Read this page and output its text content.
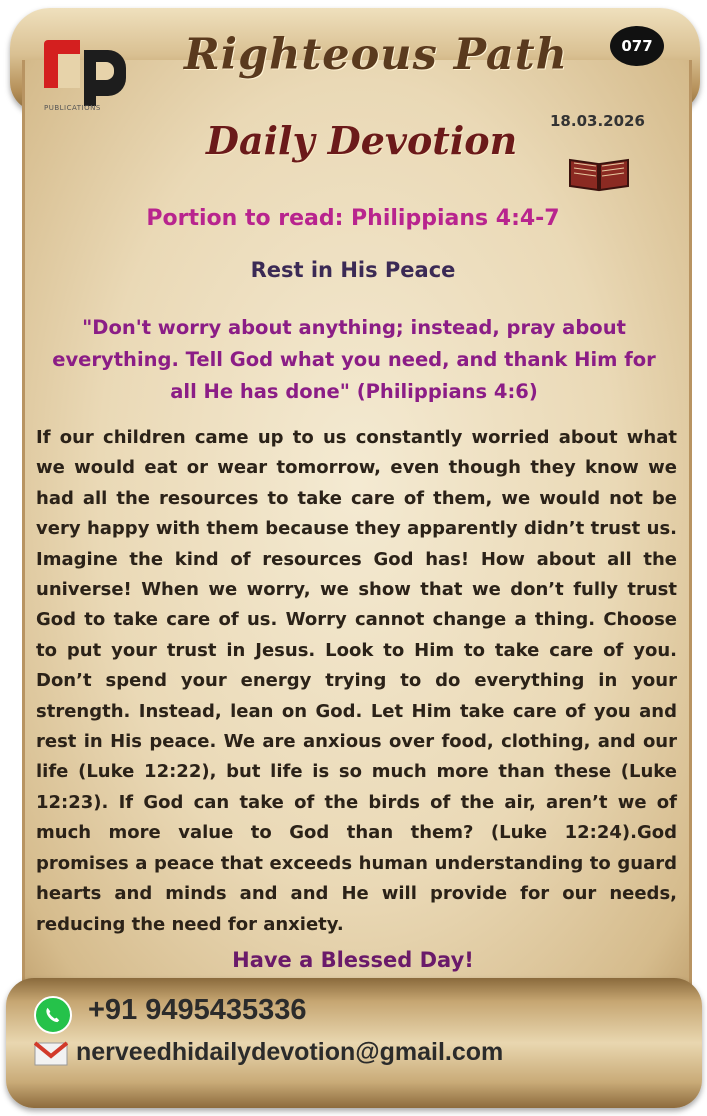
PUBLICATIONS
Righteous Path
Daily Devotion
077
18.03.2026
Portion to read: Philippians 4:4-7
Rest in His Peace
"Don't worry about anything; instead, pray about everything. Tell God what you need, and thank Him for all He has done" (Philippians 4:6)
If our children came up to us constantly worried about what we would eat or wear tomorrow, even though they know we had all the resources to take care of them, we would not be very happy with them because they apparently didn’t trust us. Imagine the kind of resources God has! How about all the universe! When we worry, we show that we don’t fully trust God to take care of us. Worry cannot change a thing. Choose to put your trust in Jesus. Look to Him to take care of you. Don’t spend your energy trying to do everything in your strength. Instead, lean on God. Let Him take care of you and rest in His peace. We are anxious over food, clothing, and our life (Luke 12:22), but life is so much more than these (Luke 12:23). If God can take of the birds of the air, aren’t we of much more value to God than them? (Luke 12:24).God promises a peace that exceeds human understanding to guard hearts and minds and and He will provide for our needs, reducing the need for anxiety.
Have a Blessed Day!
+91 9495435336
nerveedhidailydevotion@gmail.com
